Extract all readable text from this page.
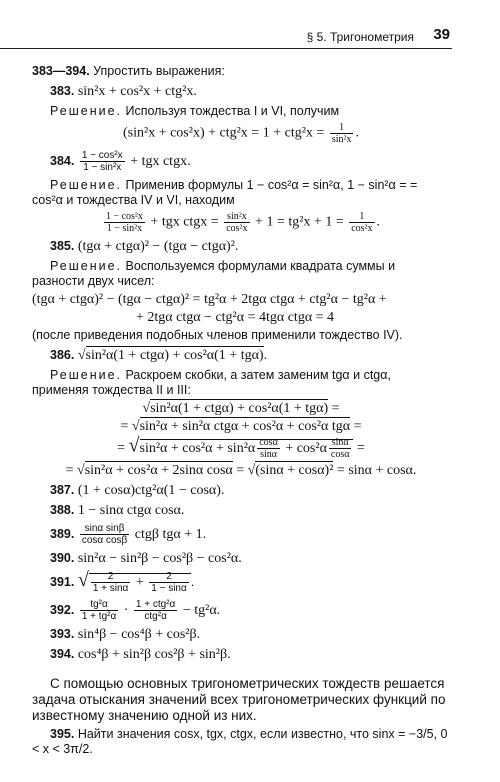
§ 5. Тригонометрия 39

383—394. Упростить выражения:

383. sin²x + cos²x + ctg²x.

Решение. Используя тождества I и VI, получим

$(\sin^2x + \cos^2x) + ctg^2x = 1 + ctg^2x = \frac{1}{\text{sin²x}}$ .

384. $\frac{\text{1 − cos²x}}{\text{1 − sin²x}}$ + tgx ctgx.

Решение. Применив формулы 1 − cos²α = sin²α, 1 − sin²α = = cos²α и тождества IV и VI, находим

$\frac{\text{1 − cos²x}}{\text{1 − sin²x}}$ + tgx ctgx = $\frac{\text{sin²x}}{\text{cos²x}} + 1 = tg^2x + 1 = \frac{1}{\text{cos²x}}$ .

385. (tgα + ctgα)² − (tgα − ctgα)².

Решение. Воспользуемся формулами квадрата суммы и разности двух чисел:

(tgα + ctgα)² − (tgα − ctgα)² = tg²α + 2tgα ctgα + ctg²α − tg²α +
+ 2tgα ctgα − ctg²α = 4tgα ctgα = 4

(после приведения подобных членов применили тождество IV).

386. √sin²α(1 + ctgα) + cos²α(1 + tgα).

Решение. Раскроем скобки, а затем заменим tgα и ctgα, применяя тождества II и III:

√sin²α(1 + ctgα) + cos²α(1 + tgα) =
= √sin²α + sin²α ctgα + cos²α + cos²α tgα =
= $√\sin^2\alpha + \cos^2\alpha + \sin^2\alpha \frac{\cos\alpha}{\sin\alpha} + \cos^2\alpha \frac{\sin\alpha}{\cos\alpha}$ =
= √sin²α + cos²α + 2sinα cosα = √(sinα + cosα)² = sinα + cosα.

387. (1 + cosα)ctg²α(1 − cosα).

388. 1 − sinα ctgα cosα.

389. $\frac{\text{sinα sinβ}}{\text{cosα cosβ}}$ ctgβ tgα + 1.

390. sin²α − sin²β − cos²β − cos²α.

391. √ $\frac{2}{1 + \sin\alpha} + \frac{2}{1 - \sin\alpha}$ .

392. $\frac{\text{tg²α}}{\text{1 + tg²α}} \cdot \frac{\text{1 + ctg²α}}{\text{ctg²α}} - tg^2\alpha$.

393. sin⁴β − cos⁴β + cos²β.

394. cos⁴β + sin²β cos²β + sin²β.

С помощью основных тригонометрических тождеств решается задача отыскания значений всех тригонометрических функций по известному значению одной из них.

395. Найти значения cosx, tgx, ctgx, если известно, что sinx = −3/5, 0 < x < 3π/2.
